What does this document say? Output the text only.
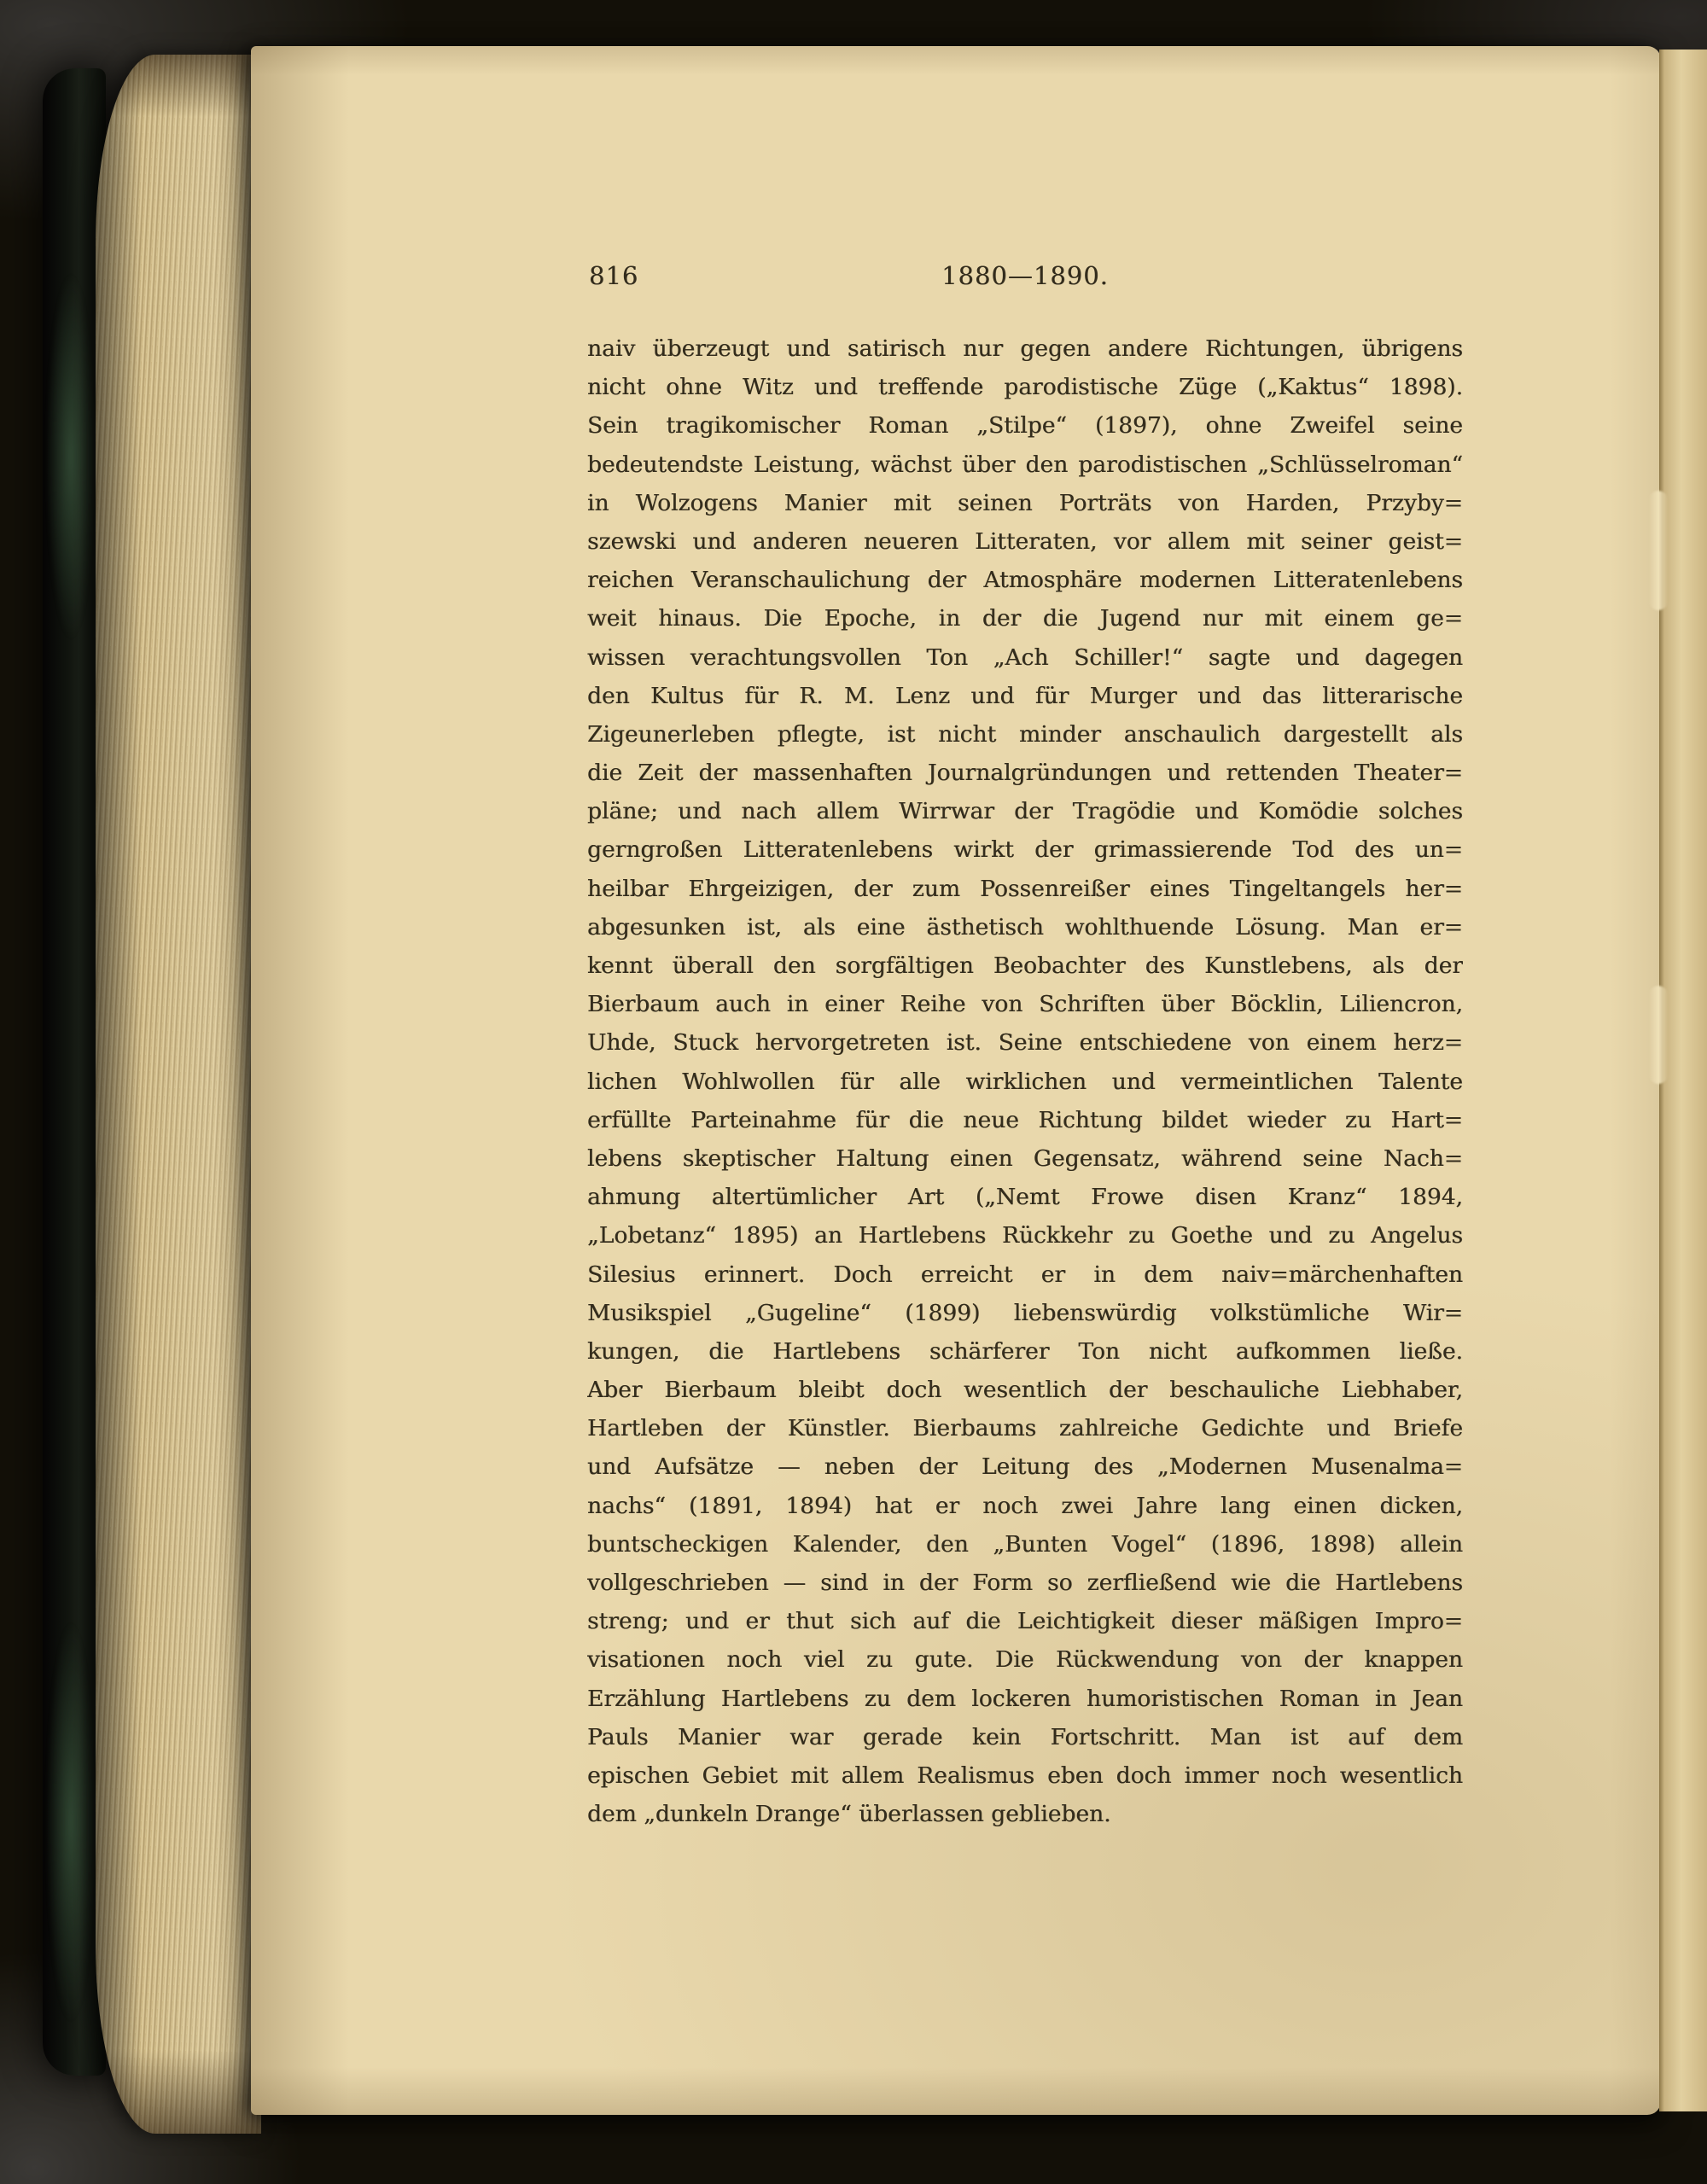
816	1880—1890.
naiv überzeugt und satirisch nur gegen andere Richtungen, übrigens
nicht ohne Witz und treffende parodistische Züge („Kaktus“ 1898).
Sein tragikomischer Roman „Stilpe“ (1897), ohne Zweifel seine
bedeutendste Leistung, wächst über den parodistischen „Schlüsselroman“
in Wolzogens Manier mit seinen Porträts von Harden, Przyby=
szewski und anderen neueren Litteraten, vor allem mit seiner geist=
reichen Veranschaulichung der Atmosphäre modernen Litteratenlebens
weit hinaus. Die Epoche, in der die Jugend nur mit einem ge=
wissen verachtungsvollen Ton „Ach Schiller!“ sagte und dagegen
den Kultus für R. M. Lenz und für Murger und das litterarische
Zigeunerleben pflegte, ist nicht minder anschaulich dargestellt als
die Zeit der massenhaften Journalgründungen und rettenden Theater=
pläne; und nach allem Wirrwar der Tragödie und Komödie solches
gerngroßen Litteratenlebens wirkt der grimassierende Tod des un=
heilbar Ehrgeizigen, der zum Possenreißer eines Tingeltangels her=
abgesunken ist, als eine ästhetisch wohlthuende Lösung. Man er=
kennt überall den sorgfältigen Beobachter des Kunstlebens, als der
Bierbaum auch in einer Reihe von Schriften über Böcklin, Liliencron,
Uhde, Stuck hervorgetreten ist. Seine entschiedene von einem herz=
lichen Wohlwollen für alle wirklichen und vermeintlichen Talente
erfüllte Parteinahme für die neue Richtung bildet wieder zu Hart=
lebens skeptischer Haltung einen Gegensatz, während seine Nach=
ahmung altertümlicher Art („Nemt Frowe disen Kranz“ 1894,
„Lobetanz“ 1895) an Hartlebens Rückkehr zu Goethe und zu Angelus
Silesius erinnert. Doch erreicht er in dem naiv=märchenhaften
Musikspiel „Gugeline“ (1899) liebenswürdig volkstümliche Wir=
kungen, die Hartlebens schärferer Ton nicht aufkommen ließe.
Aber Bierbaum bleibt doch wesentlich der beschauliche Liebhaber,
Hartleben der Künstler. Bierbaums zahlreiche Gedichte und Briefe
und Aufsätze — neben der Leitung des „Modernen Musenalma=
nachs“ (1891, 1894) hat er noch zwei Jahre lang einen dicken,
buntscheckigen Kalender, den „Bunten Vogel“ (1896, 1898) allein
vollgeschrieben — sind in der Form so zerfließend wie die Hartlebens
streng; und er thut sich auf die Leichtigkeit dieser mäßigen Impro=
visationen noch viel zu gute. Die Rückwendung von der knappen
Erzählung Hartlebens zu dem lockeren humoristischen Roman in Jean
Pauls Manier war gerade kein Fortschritt. Man ist auf dem
epischen Gebiet mit allem Realismus eben doch immer noch wesentlich
dem „dunkeln Drange“ überlassen geblieben.
